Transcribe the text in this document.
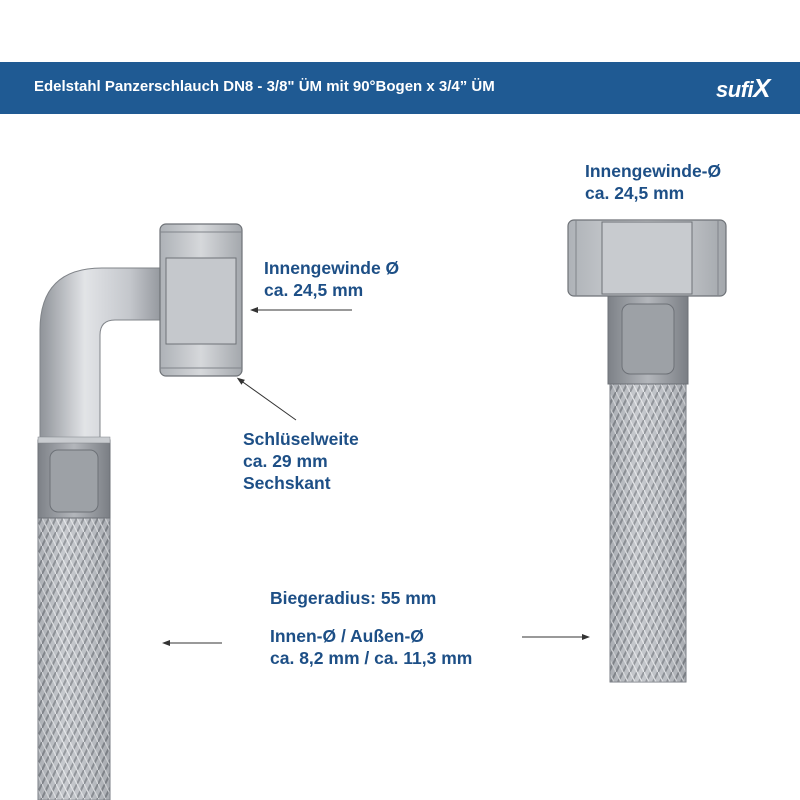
Edelstahl Panzerschlauch DN8 - 3/8" ÜM mit 90°Bogen x 3/4” ÜM	sufiX
Innengewinde-Ø
ca. 24,5 mm
Innengewinde Ø
ca. 24,5 mm
Schlüselweite
ca. 29 mm
Sechskant
Biegeradius: 55 mm
Innen-Ø / Außen-Ø
ca. 8,2 mm / ca. 11,3 mm
